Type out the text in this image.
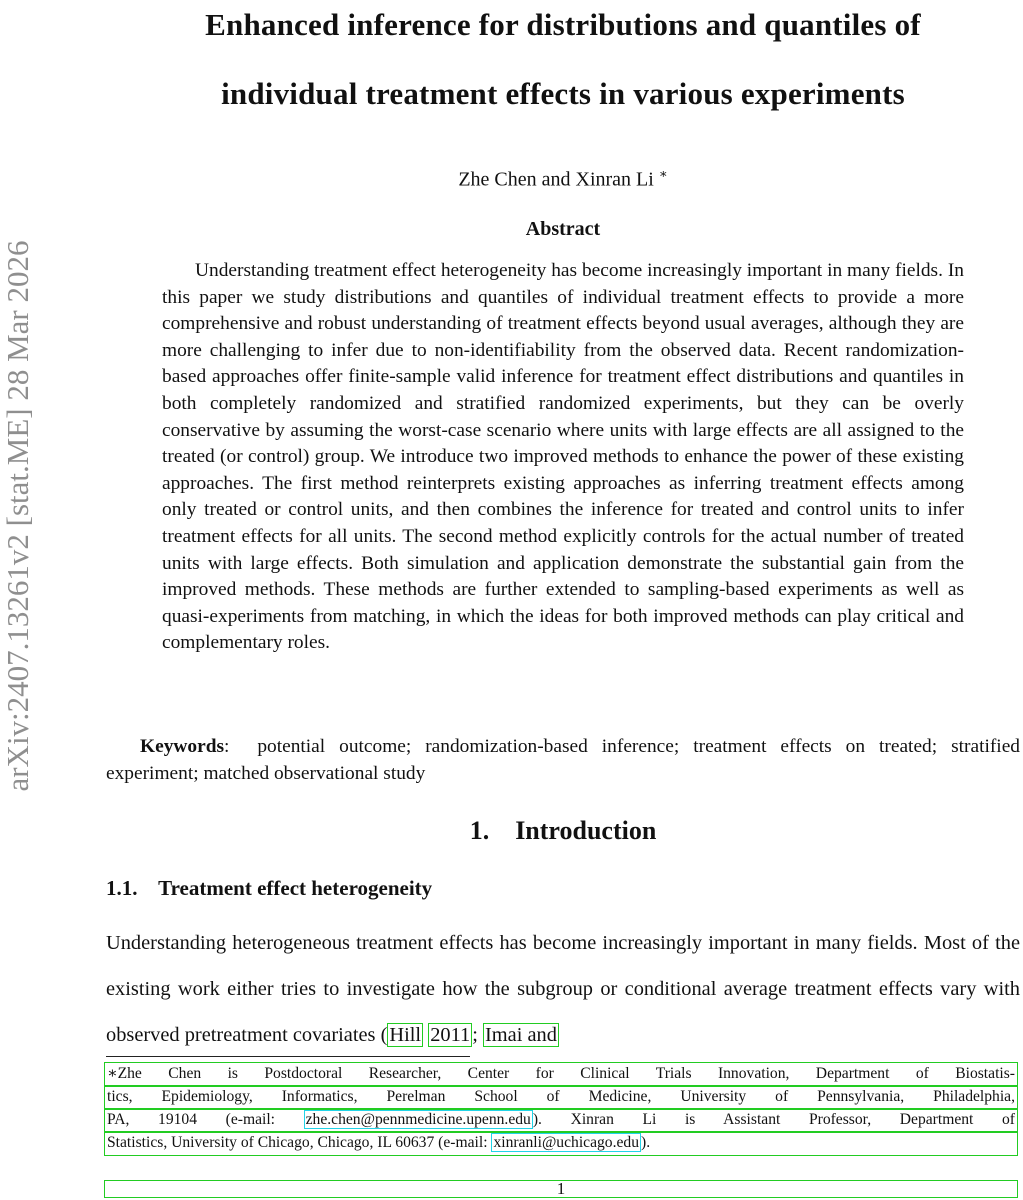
arXiv:2407.13261v2 [stat.ME] 28 Mar 2026
Enhanced inference for distributions and quantiles of
individual treatment effects in various experiments
Zhe Chen and Xinran Li ∗
Abstract
Understanding treatment effect heterogeneity has become increasingly important in many fields. In this paper we study distributions and quantiles of individual treatment effects to provide a more comprehensive and robust understanding of treatment effects beyond usual averages, although they are more challenging to infer due to non-identifiability from the observed data. Recent randomization-based approaches offer finite-sample valid inference for treatment effect distributions and quantiles in both completely randomized and stratified randomized experiments, but they can be overly conservative by assuming the worst-case scenario where units with large effects are all assigned to the treated (or control) group. We introduce two improved methods to enhance the power of these existing approaches. The first method reinterprets existing approaches as inferring treatment effects among only treated or control units, and then combines the inference for treated and control units to infer treatment effects for all units. The second method explicitly controls for the actual number of treated units with large effects. Both simulation and application demonstrate the substantial gain from the improved methods. These methods are further extended to sampling-based experiments as well as quasi-experiments from matching, in which the ideas for both improved methods can play critical and complementary roles.
Keywords: potential outcome; randomization-based inference; treatment effects on treated; stratified experiment; matched observational study
1. Introduction
1.1. Treatment effect heterogeneity
Understanding heterogeneous treatment effects has become increasingly important in many fields. Most of the existing work either tries to investigate how the subgroup or conditional average treatment effects vary with observed pretreatment covariates (Hill 2011; Imai and
∗Zhe Chen is Postdoctoral Researcher, Center for Clinical Trials Innovation, Department of Biostatis-
tics, Epidemiology, Informatics, Perelman School of Medicine, University of Pennsylvania, Philadelphia,
PA, 19104 (e-mail: zhe.chen@pennmedicine.upenn.edu ). Xinran Li is Assistant Professor, Department of
Statistics, University of Chicago, Chicago, IL 60637 (e-mail: xinranli@uchicago.edu ).
1
